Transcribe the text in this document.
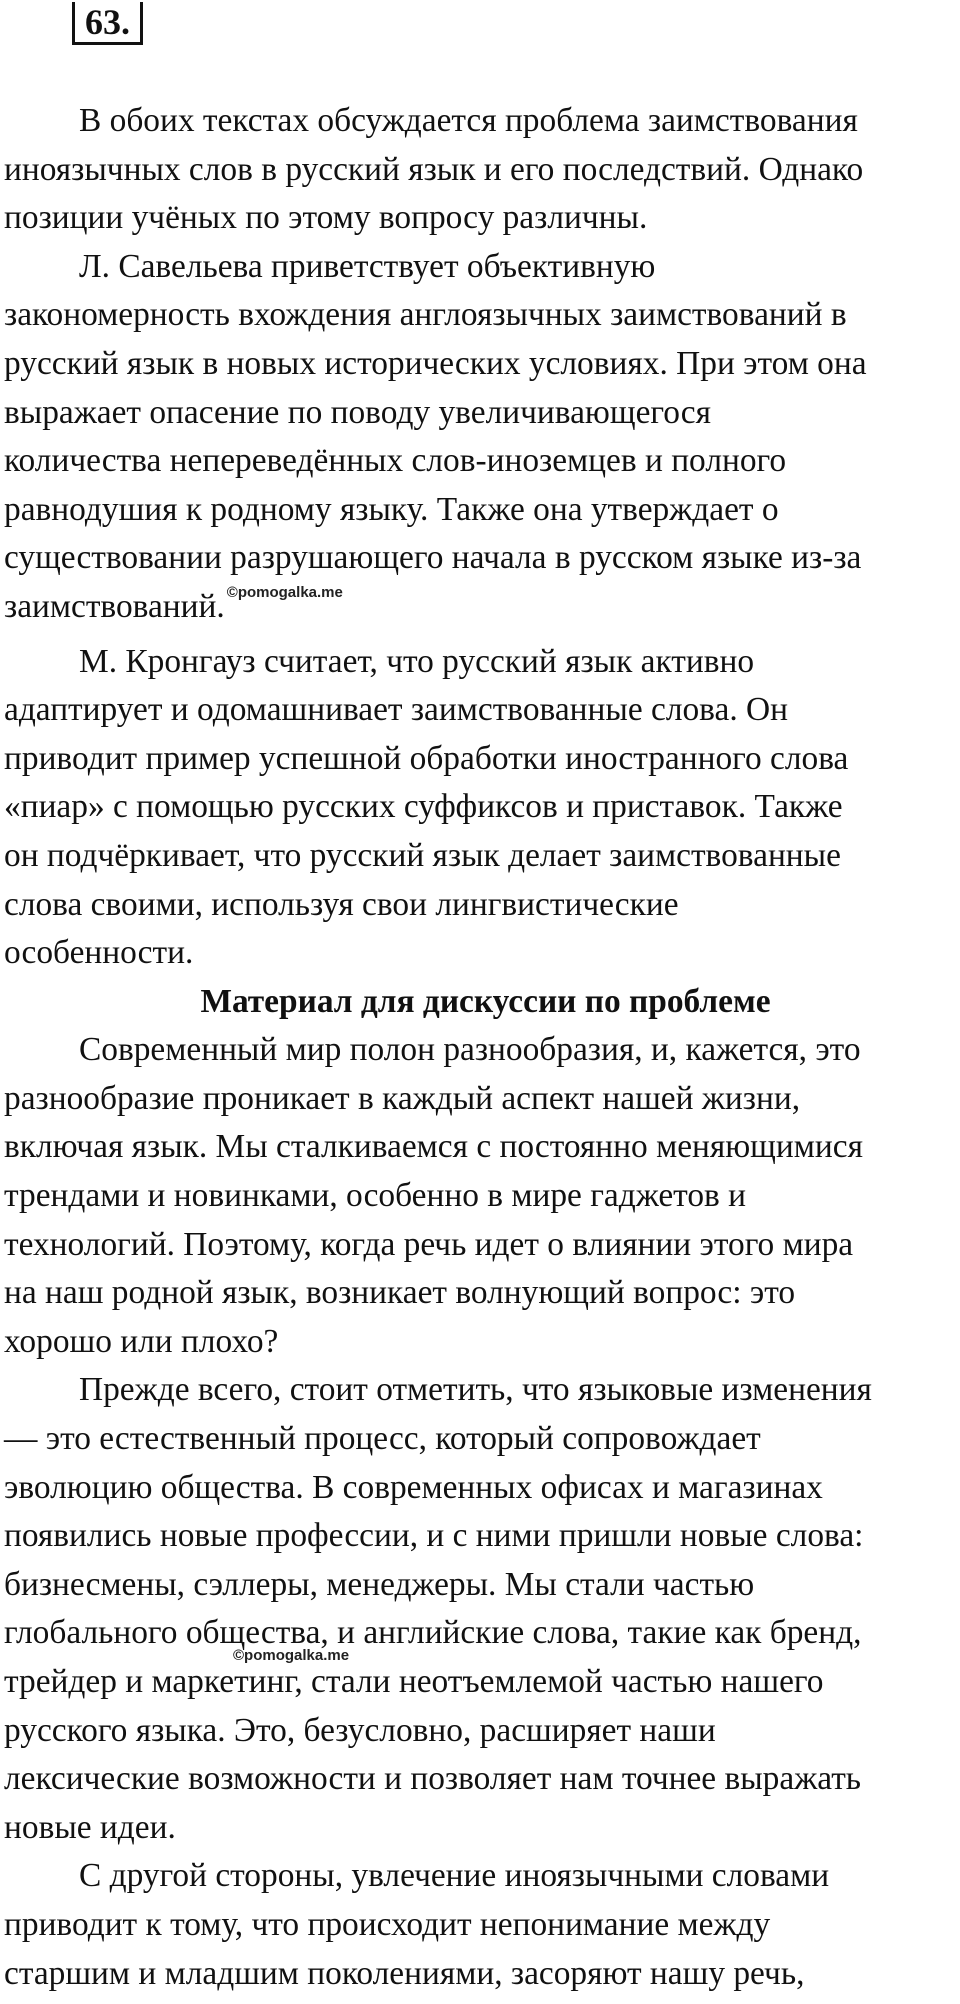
63.

В обоих текстах обсуждается проблема заимствования
иноязычных слов в русский язык и его последствий. Однако
позиции учёных по этому вопросу различны.

Л. Савельева приветствует объективную
закономерность вхождения англоязычных заимствований в
русский язык в новых исторических условиях. При этом она
выражает опасение по поводу увеличивающегося
количества непереведённых слов-иноземцев и полного
равнодушия к родному языку. Также она утверждает о
существовании разрушающего начала в русском языке из-за
заимствований. $^{©pomogalka.me}$

М. Кронгауз считает, что русский язык активно
адаптирует и одомашнивает заимствованные слова. Он
приводит пример успешной обработки иностранного слова
«пиар» с помощью русских суффиксов и приставок. Также
он подчёркивает, что русский язык делает заимствованные
слова своими, используя свои лингвистические
особенности.

Материал для дискуссии по проблеме

Современный мир полон разнообразия, и, кажется, это
разнообразие проникает в каждый аспект нашей жизни,
включая язык. Мы сталкиваемся с постоянно меняющимися
трендами и новинками, особенно в мире гаджетов и
технологий. Поэтому, когда речь идет о влиянии этого мира
на наш родной язык, возникает волнующий вопрос: это
хорошо или плохо?

Прежде всего, стоит отметить, что языковые изменения
— это естественный процесс, который сопровождает
эволюцию общества. В современных офисах и магазинах
появились новые профессии, и с ними пришли новые слова:
бизнесмены, сэллеры, менеджеры. Мы стали частью
глобального общества, и английские слова, такие как бренд,
трейдер и маркетинг, стали неотъемлемой частью нашего
русского языка. Это, безусловно, расширяет наши
лексические возможности и позволяет нам точнее выражать
новые идеи.

С другой стороны, увлечение иноязычными словами
приводит к тому, что происходит непонимание между
старшим и младшим поколениями, засоряют нашу речь,

©pomogalka.me
